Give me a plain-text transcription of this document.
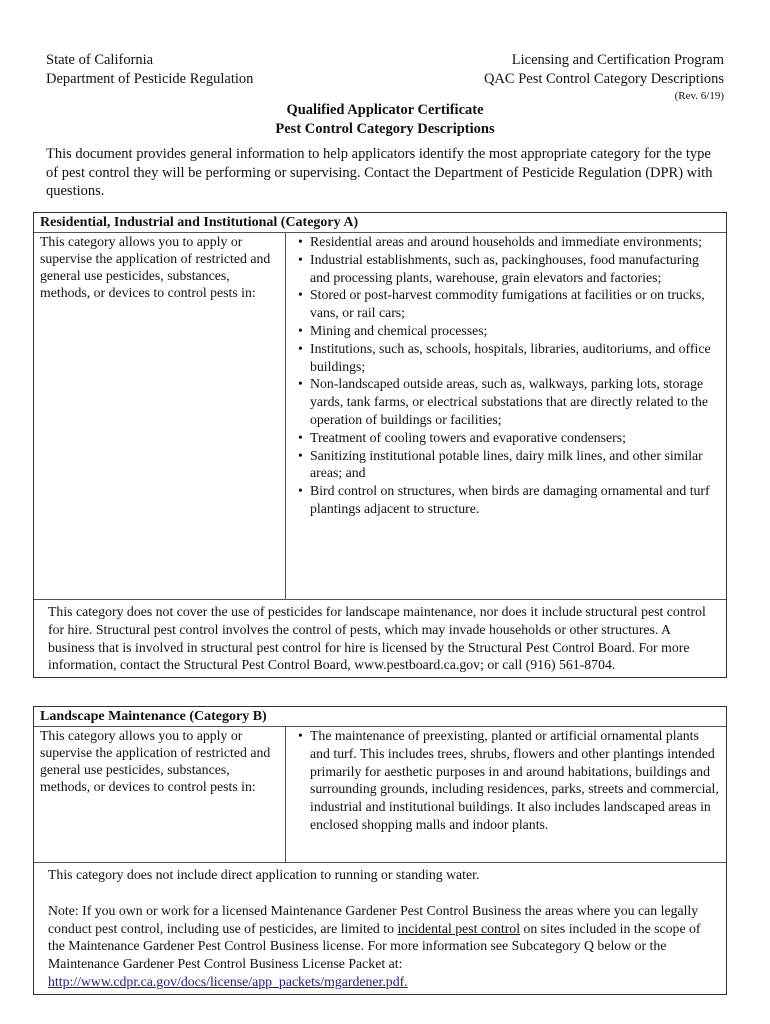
State of California
Department of Pesticide Regulation
Licensing and Certification Program
QAC Pest Control Category Descriptions
(Rev. 6/19)
Qualified Applicator Certificate
Pest Control Category Descriptions
This document provides general information to help applicators identify the most appropriate category for the type of pest control they will be performing or supervising. Contact the Department of Pesticide Regulation (DPR) with questions.
Residential, Industrial and Institutional (Category A)
This category allows you to apply or supervise the application of restricted and general use pesticides, substances, methods, or devices to control pests in:
• Residential areas and around households and immediate environments;
• Industrial establishments, such as, packinghouses, food manufacturing and processing plants, warehouse, grain elevators and factories;
• Stored or post-harvest commodity fumigations at facilities or on trucks, vans, or rail cars;
• Mining and chemical processes;
• Institutions, such as, schools, hospitals, libraries, auditoriums, and office buildings;
• Non-landscaped outside areas, such as, walkways, parking lots, storage yards, tank farms, or electrical substations that are directly related to the operation of buildings or facilities;
• Treatment of cooling towers and evaporative condensers;
• Sanitizing institutional potable lines, dairy milk lines, and other similar areas; and
• Bird control on structures, when birds are damaging ornamental and turf plantings adjacent to structure.

This category does not cover the use of pesticides for landscape maintenance, nor does it include structural pest control for hire. Structural pest control involves the control of pests, which may invade households or other structures. A business that is involved in structural pest control for hire is licensed by the Structural Pest Control Board. For more information, contact the Structural Pest Control Board, www.pestboard.ca.gov; or call (916) 561-8704.

Landscape Maintenance (Category B)
This category allows you to apply or supervise the application of restricted and general use pesticides, substances, methods, or devices to control pests in:
• The maintenance of preexisting, planted or artificial ornamental plants and turf. This includes trees, shrubs, flowers and other plantings intended primarily for aesthetic purposes in and around habitations, buildings and surrounding grounds, including residences, parks, streets and commercial, industrial and institutional buildings. It also includes landscaped areas in enclosed shopping malls and indoor plants.

This category does not include direct application to running or standing water.

Note: If you own or work for a licensed Maintenance Gardener Pest Control Business the areas where you can legally conduct pest control, including use of pesticides, are limited to incidental pest control on sites included in the scope of the Maintenance Gardener Pest Control Business license. For more information see Subcategory Q below or the Maintenance Gardener Pest Control Business License Packet at:

http://www.cdpr.ca.gov/docs/license/app_packets/mgardener.pdf.
